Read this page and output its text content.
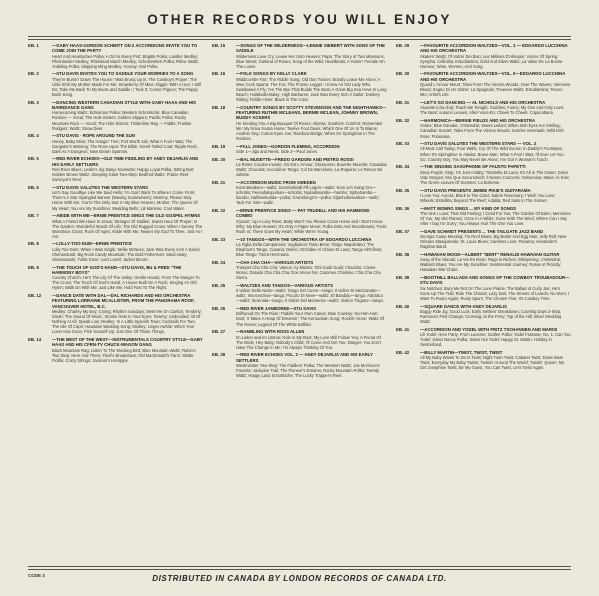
OTHER RECORDS YOU WILL ENJOY
EB. 1	—GABY HAAS-GORDON SCHMITT ON 2 ACCORDIONS INVITE YOU TO COME JOIN THE PARTY
Heart And Heartaches Polka; A Girl In Every Port; Brigitte Polka; Landler Medley; Rheinlander Medley; Rheinland March Medley; Schotzenliesl Polka; Rhine Waltz; Yodeling Polka; Skipping Ming Medley; Hooray; Owl Polka.
EB. 2	—STU DAVIS INVITES YOU TO SADDLE YOUR WORRIES TO A SONG
They're Burnin' Down The House I Was Brung Up In; The Cowboy's Prayer; The Little Shirt My Mother Made For Me; Strawberry Of Mine; Diggin' With A Hoe; I Still Do; Take Me Back To My Boots and Saddle; I Took It; Corner Pigeon; The Pappy Bunk Song.
EB. 3	—DANCING WESTERN CANADIAN STYLE WITH GABY HAAS AND HIS BARNDANCE GANG
Homecoming Waltz; Edmonton Polka; Western Schottische; Blue Canadian Rockies — Vocal; The Hole Sisters; Golden Slippers; Pacific Polka; Rocky Mountain Rock — Vocal; The Hole Sisters; Timberline Rag — Fiddle; Frankie Rodgers; Waltz; Snow Deer.
EB. 4	—STU DAVIS · ROPE AROUND THE SUN
Honey, Baby Mine; The Hangin' Tree; Fort Worth Jail; What A Fool I Was; The Gangster's Warning; The Rose Upon The Bible; Sorrel-Tailed Coat; Ripple Rock; Dark As A Dungeon; New Brown Sparrow.
EB. 5	—RED RIVER ECHOES—OLD TIME FIDDLING BY ANDY DEJARLIS AND HIS EARLY SETTLERS
Red River Blues; Leslie's Jig; Banjo Novelette; Happy Loyal Polka; Sitting Bull; Golden Brown Waltz; Sleeping Giant Two-Step; Bedford Waltz; Prairie Reel; Surveyor's Reel.
EB. 6	—STU DAVIS SALUTES THE WESTERN STARS
Let's Say Goodbye Like We Said Hello; I'm Goin' Back To Where I Come From; There's A Star-Spangled Banner (Waving Somewhere); Mommy, Please Stay Home With Me; You're The Only Star In My Blue Heaven; Mother, The Queen Of My Heart; You Are My Sunshine; Wedding Bells; Lili Marlene; Cool Water.
EB. 7	—ABIDE WITH ME—ERNIE PRENTICE SINGS THE OLD GOSPEL HYMNS
What A Friend We Have In Jesus; Stranger Of Galilee; Sweet Hour Of Prayer; In The Garden; Wonderful Words Of Life; The Old Rugged Cross; When I Survey The Wondrous Cross; Rock Of Ages; Abide With Me; Nearer My God To Thee; Just As I Am.
EB. 8	—LOLLY-TOO-DUM—ERNIE PRENTICE
Lolly-Too-Dum; When I Was Single; Nellie McNess; Jack Was Every Inch A Sailor; Shenandoah; Big Rock Candy Mountain; The Bold Fisherman; Steal Away; Vanessavale; Turtle Dove; Lord Lovell; Jacket Moore.
EB. 9	—THE TOUCH OF GOD'S HAND—STU DAVIS, BU & FRED "THE HARMONY BOYS"
Country Church; He's The Lily Of The Valley; Gentle Hands; From The Manger To The Cross; The Touch Of God's Hand; A House Built On A Rock; Singing An Old Hymn; Walk On With Me; Just Like Me; Hold Fast To The Right.
EB. 12	—DANCE DATE WITH DAL—DAL RICHARDS AND HIS ORCHESTRA FEATURING LORRAINE MCALLISTER, FROM THE PANORAMA ROOF, VANCOUVER HOTEL, B.C.
Medley: Charley My Boy; Crying; Rhythm Sundays; Meet Me On Carlton; Tenderly; Dinah; The Sound Of Music; Smoke Gets In Your Eyes; Tammy; Undecided; All Of Nothing At All; Speak Low; Medley: In A Little Spanish Town; Cocktails For Two; The Isle Of Capri; Hawaiian Wedding Song; Medley: Linger Awhile; When Your Lover Has Gone; Pick Yourself Up; Just One Of Those Things.
EB. 14	—THE BEST OF THE WEST—INSTRUMENTALS COUNTRY STYLE—GABY HAAS AND HIS CFRN-TV CHUCK-WAGON GANG
Black Mountain Rag; Listen To The Mocking Bird; Blue Mountain Waltz; Rubin's Two Step; Here And There; Floof's Breakdown; Old MacDonald's Farm; Skittle Fiddle; Crazy Strings; Jackson's Hornpipe.
EB. 15	—SONGS OF THE WILDERNESS—LENNIE SIEBERT WITH SONS OF THE SADDLE
Wilderness Love Cry; Leave Her Unto Heaven; Papa; The Story of Two Mansions; Blue Street; Garland of Roses; Song of the Wild; Heartbeats; A Homin' Female On The Loose.
EB. 16	—FOLK SONGS BY KELLY CLARK
Widdicombe Fair; The Riddle Song; Old Dan Tucker; Brandy Leave Me Alone; A Wee Cock Sparra; The Fox; The Frozen Logger; I Know An Old Lady Who Swallowed A Fly; I've The Bye That Builds The Boat; A Great Big Sea Hove In Long Beach; Hullaballo-Balay; High Barbaree; Jack Was Every Inch A Sailor; Donkey Riding; Fiddle-I-Dee; Black Is The Color.
EB. 18	—COUNTRY SONGS BY SCOTTY STEVENSON AND THE NIGHTHAWKS—FEATURING RUTHIE MCLEANS, BERNIE MCLEAN, JOHNNY BROWN, BUDDY ACKERS
I'm Sending You A Big Bouquet Of Roses; Alberta; Southern Comfort; Remember Me; My Nova Scotia Home; Twelve Foot Davis; Which One Of Us Is To Blame; Another Day; Cotton Eyes Joe; Rainbow Bridge; When It's Springtime In The Rockies.
EB. 19	—FALL JONES—GORDON FLEMING, ACCORDION
Side 1—Jigs and Reels. Side 2—Paul Jones.
EB. 20	—BAL MUSETTE—FREDO GARDONI AND PIETRO ROSSI
La Rome Cocotte-musée; Où Est L'Amour; Gloasonne; Bourrée Musette; Canadian Waltz; Chocolat; Accordéon Tango; Col De Barcelone; La Roguine; Le Retour De Juliette.
EB. 21	—ACCORDION MUSIC FROM SWEDEN
Korsnäsvalsen—waltz; Sommarkvall På Logen—waltz; Kom och Sving Om—schottis; Pevnahalsporkan—schottis; Nydadsnambo—hambo; Sjöbohambo—hambo; Hallinsekväda—polka; Gronsbergs'n—polka; Stjanholmsvalsen—waltz; Tack For Sist—waltz.
EB. 22	—ERNIE PRENTICE SINGS — PAT TRUDELL AND HIS HAMMOND COMBO
S'posin'; Up A Lazy River; Baby Won't You Please Come Home and I Don't Know Why; My Blue Heaven; It's Only A Paper Moon; Polka Dots And Moonbeams; Fools Rush In; There Goes My Heart; While We're Young.
EB. 23	—10 TANGOS—WITH THE ORCHESTRA OF EDOARDO LUCCHINA
La Figlia Della Campanaria; Vogliamoci Tanto Bene; Tango Napoletano; The Elephant's Tango; Canaria; Delirio; Orchidee Al Chiaro Di Luna; Tango All'Infinito; Blue Tango; Tierra Herrmana.
EB. 24	—CHA CHA CHA—VARIOUS ARTISTS
Trumpet Cha Cha Cha; Vamos; Ay Mulato; Tchi Guidi Guidi; Chachito; Cíeme Momo; Dorado Cha Cha Cha; Dos Veces No; Caromos Chamine; Cha Cha Cha Sierra.
EB. 25	—WALTZES AND TANGOS—VARIOUS ARTISTS
Il Valzer Della Notte—waltz; Tango Del Cuore—tango; Il Valzer Di Mezzanotte—waltz; Innocenzina—tango; Piccolo Di Neve—waltz; El Bandido—tango; Adriatico—waltz; Serenata—tango; Il Valzer Del Momento—waltz; Violino Tzigano—tango.
EB. 26	—RED RIVER JAMBOREE—STU DAVIS
Driftwood On The River; Paddle Your Own Canoe; Blue Cowboy; No-Huh-Huh; Dost; It Takes A Heap Of Dreamin'; The Kentuckian Song; Rockin' Alone; Waltz Of The Roses; Legend Of The White Buffalo.
EB. 27	—RAMBLING WITH ROSS ALLEN
Im Lieber and Im Untrue; Hole In My Boot; My Love Will Follow You; A Friend Of The Bride; Hey Baby; Nobody's Child; I'll Come And Get You; Danger; You Don't Have The Change In Me; I'm Always Thinking Of You.
EB. 28	—RED RIVER ECHOES VOL. 2 — ANDY DEJARLIS AND HIS EARLY SETTLERS
Westminster Two-Step; The Fiddlers' Polka; The Western Waltz; Joe Morrison's Favorite; Jackpine Trail; The Pioneer's Dreams; Rocky Mountain Polka; Twenty Waltz; Happy Land Schottische; The Lucky Trapper's Reel.
EB. 29	—FAVOURITE ACCORDION WALTZES—VOL. 1 — EDOARDO LUCCHINA AND HIS ORCHESTRA
Skaters' Waltz; I'll Valzer Dei Baci; Les Millions D'Arlequin; Voices Of Spring; Sympha; Céliloiba; Estudiantina; Gold And Silver Waltz; La Valse De La Bonne Humeur; Wine, Women, And Song.
EB. 30	—FAVOURITE ACCORDION WALTZES—VOL. II—EDOARDO LUCCHINA AND HIS ORCHESTRA
Quand L'Amour Meurt; Tales From The Vienna Woods; Over The Waves; Viennese Blood; Sogno Di Un Valzer; La Spagnola; Treasure Waltz; Estudiantina; Tesoro Mio; Artist's Life.
EB. 31	—LET'S GO DANCING — AL NICHOLS AND HIS ORCHESTRA
Alouette (cha cha); Teach Me Tonight; Goddies; Funny; My One And Only Love; The Beat; Autumn Leaves; Allez-Vous-En; Cheek To Cheek; Copacabana.
EB. 32	—HARMONICA—BERNIE FIELDS AND HIS ORCHESTRA
Volare; Blue Danube; J'Attendrai; Sweet Leilani; When Irish Eyes Are Smiling; Canadian Sunset; Tales From The Vienna Woods; Sunrise Serenade; Wild Irish Rose; Polonaise.
EB. 33	—STU DAVIS SALUTES THE WESTERN STARS — VOL. 2
All Must Call Today; Four Walls; Cry Of The Wild Goose; In Daddy's Footsteps; When It's Springtime In Alaska; Brave Man; What A Fool I Was; I'll Ever Let You Go; Country Boy; You May Never Be Alone; I've Got A Woman's Touch.
EB. 34	—THE SINGING SAXOPHONE OF FAUSTO PAPETTI
Deep Purple; Stop; I'm Just A Baby; Tintarella Di Luna; It's All In The Game; Dolce Vita; Morgen; Moi Que Seconstisch; Il Nostro Concerto; Gelsomina; Maria; Al Sole; The Green Leaves Of Summer; La Boheme.
EB. 35	—STU DAVIS PRESENTS JIMMIE PIKIE'S GUITARAMA
I Love You; Aurora; Black Is The Color; Salem Rosemary; I Wish You Love; Wheels; Estrellita; Beyond The Reef; Adalita; Red Sails In The Sunset.
EB. 36	—MATT MONRO SINGS ... MY KIND OF SONGS
The One I Love; That Old Feeling; I Cried For You; The Garden Of Eden; Memories Of You; My Old Flames; Once In A While; Gone With The Wind; Where Can I Say After I Say I'm Sorry; You Always Hurt The One You Love.
EB. 37	—DAVE SCHMIDT PRESENTS ... THE TAILGATE JAZZ BAND
Georgia Camp Meeting; Tin Roof Blues; Big Butter And Egg Man; Jelly Roll; New Orleans Masquerade; St. Louis Blues; Careless Love; Panama; Alexander's Ragtime Band.
EB. 38	—HAWAIIAN MOOD—ALBERT "BERT" RENALDI HAWAIIAN GUITAR
Song of the Islands; La Vie En Rose; Rags to Riches; Whispering; J'Attendrai; Wabash Blues; You Are My Sunshine; Sentimental Journey; Roses of Picardy; Hawaiian War Chant.
EB. 39	—BOOTHILL BALLADS AND SONGS OF THE COWBOY TROUBADOUR—STU DAVIS
Six Notches; Bury Me Not On The Lone Prairie; The Ballad of Curly Joe; He's Gone Up The Trail; Ride The Chariot; Lazy Dan; The Streets of Laredo; No More; I Want To Roam Again; Rusty Spurs; The Chosen Five; It's Cowboy Time.
EB. 40	—SQUARE DANCE WITH ANDY DEJARLIS
Buggy Ride Jig; Good Luck; Early Settlers' Breakdown; Courting Days 2-Step; Ramona's First Change; Crossing on the Ferry; Top of the Hill; Silver Wedding Waltz.
EB. 41	—ACCORDION AND YODEL WITH FRITZ TSCHANNEN AND MARISI
Lili Yodel; Hem Party; From Lucerne; Stollen Polka; Yodel Fantasie; No. 1; Can You Yodel; Swiss Bunny Polka; Swiss Hut Yodel; Happy St. Martin; Holiday in Switzerland.
EB. 42	—BILLY MARTIN—TWIST, TWIST, TWIST
All My Baby Wants To Do Is Twist; Night Train Twist; Cabaret Twist; Down Beat Twist; Everyday My Baby Twists; Twistin' Around The World; Twistin' Queen; My Girl Josephine Twist; Be My Guest; You Can Twist; Let's Twist Again.
CODE 3	DISTRIBUTED IN CANADA BY LONDON RECORDS OF CANADA LTD.
